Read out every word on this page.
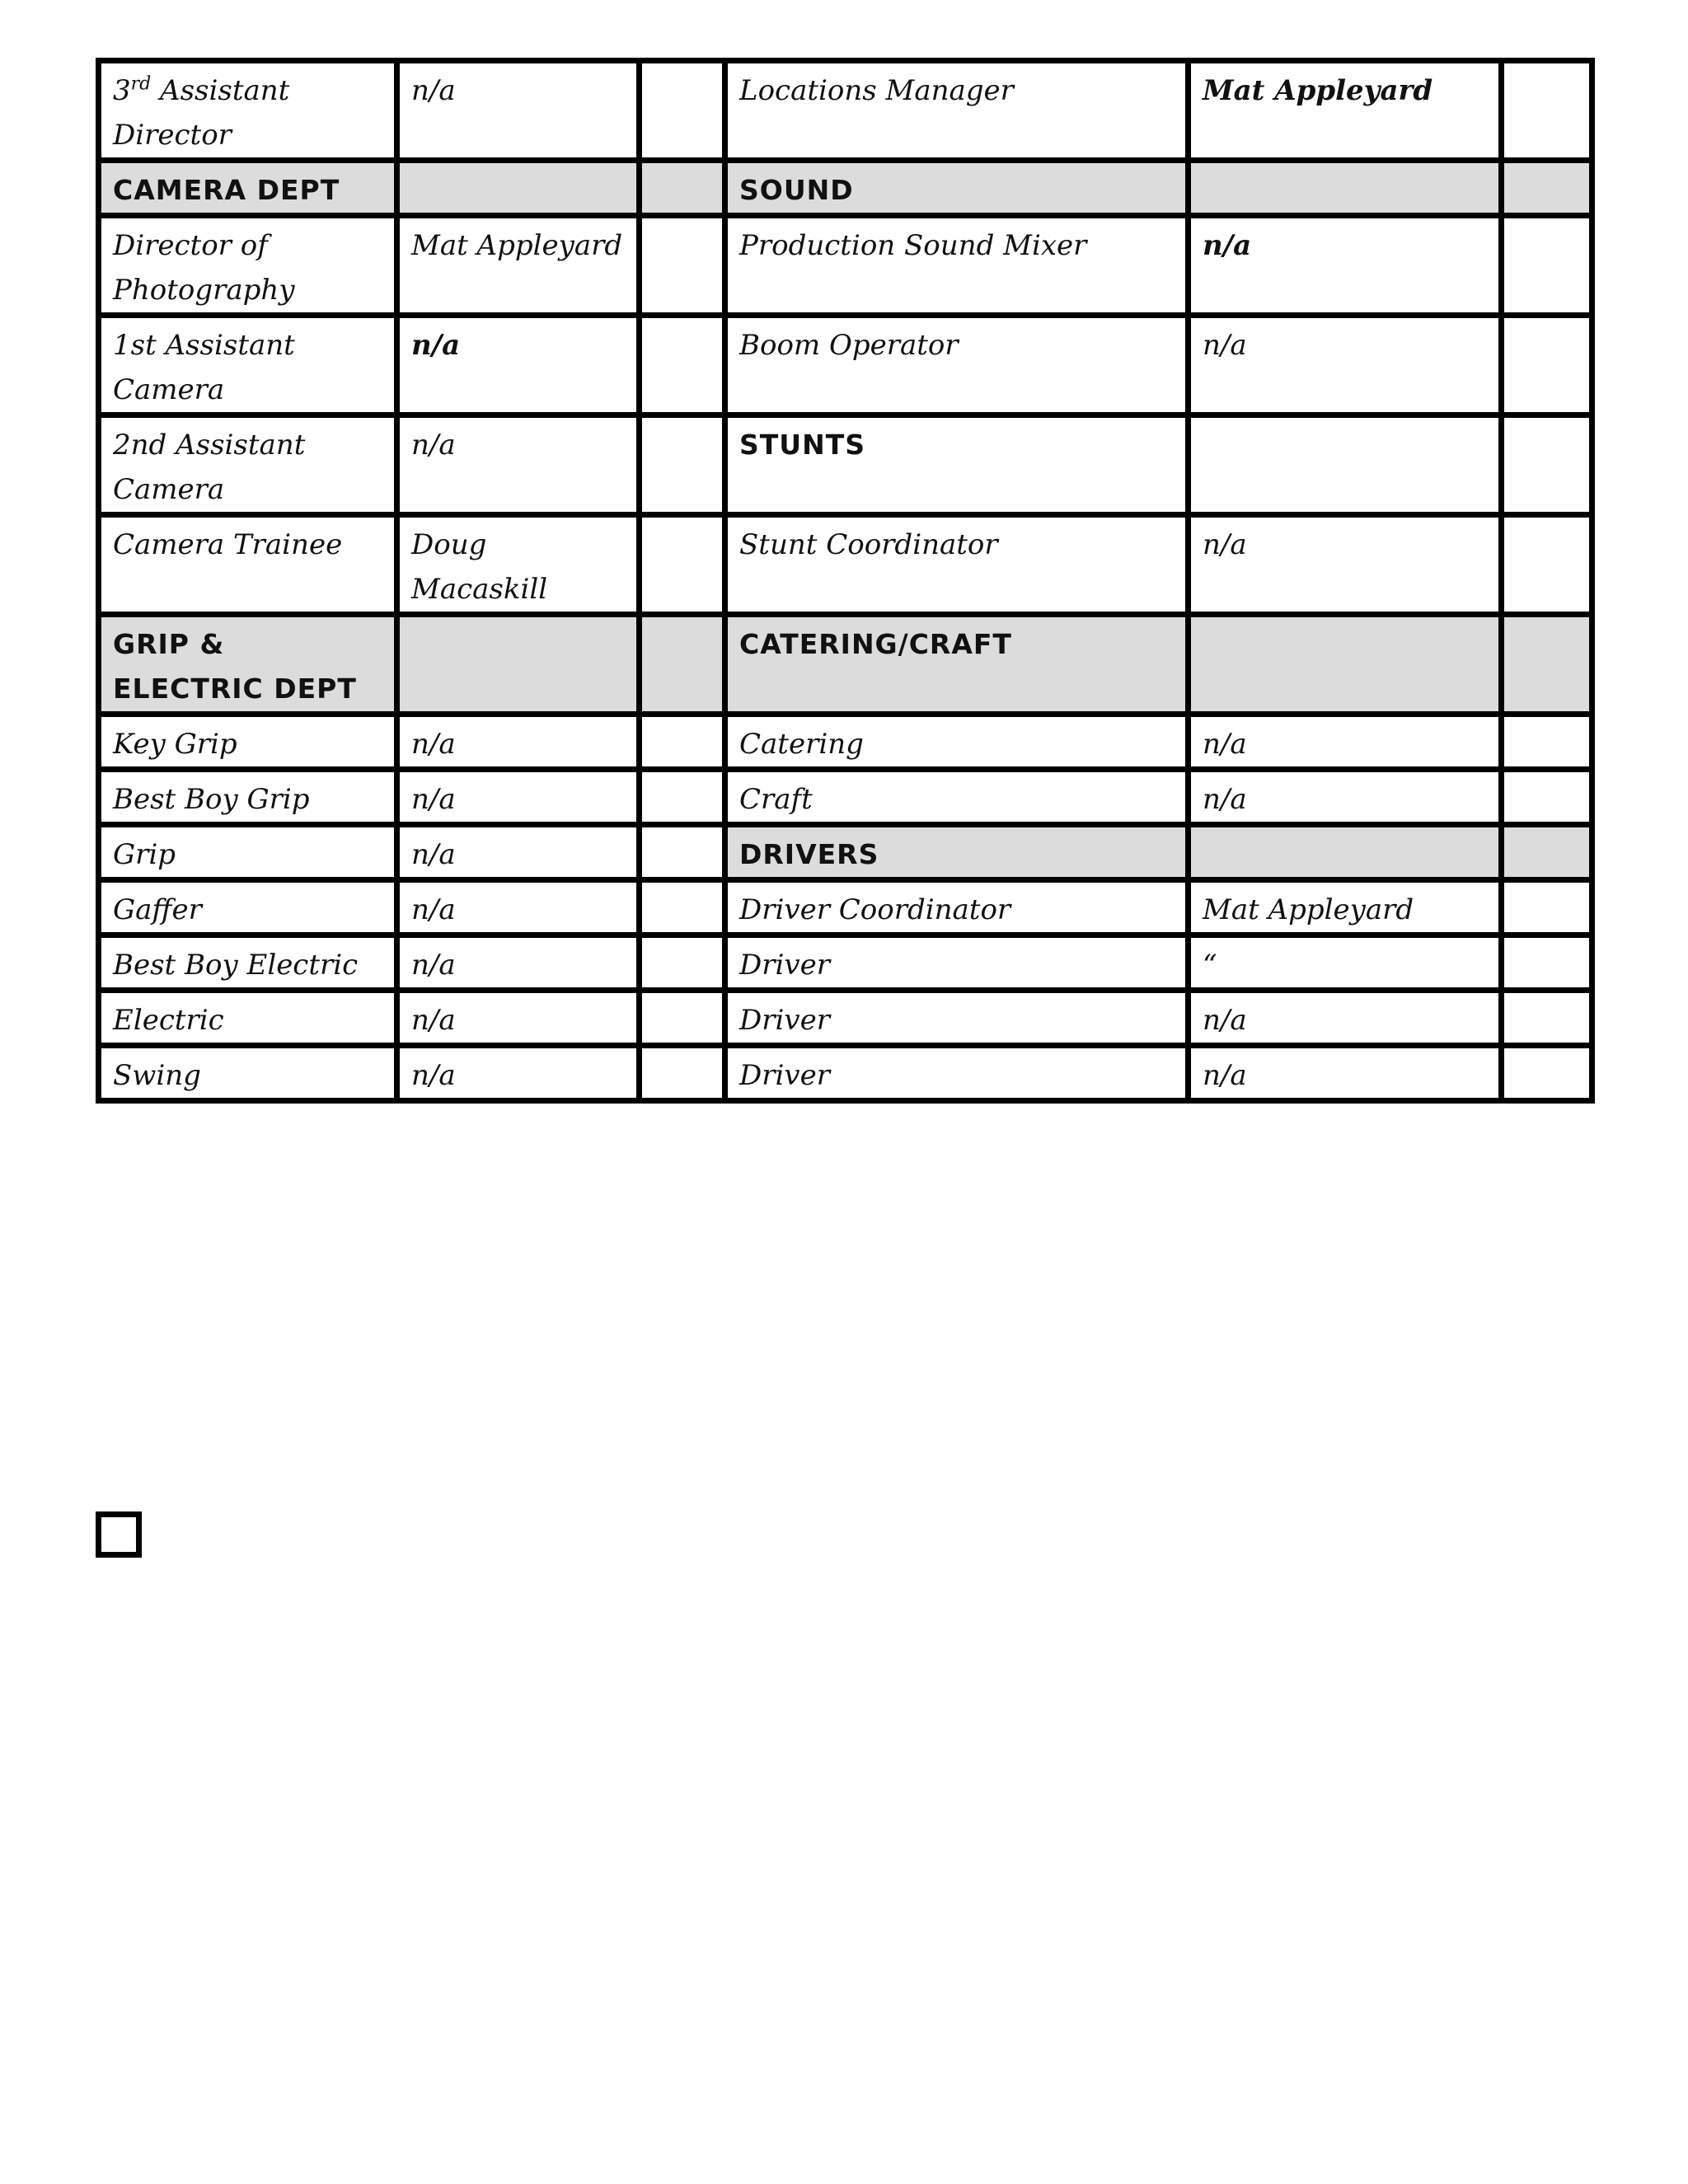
3rd Assistant Director	n/a		Locations Manager	Mat Appleyard	
CAMERA DEPT			SOUND		
Director of Photography	Mat Appleyard		Production Sound Mixer	n/a	
1st Assistant Camera	n/a		Boom Operator	n/a	
2nd Assistant Camera	n/a		STUNTS		
Camera Trainee	Doug Macaskill		Stunt Coordinator	n/a	
GRIP & ELECTRIC DEPT			CATERING/CRAFT		
Key Grip	n/a		Catering	n/a	
Best Boy Grip	n/a		Craft	n/a	
Grip	n/a		DRIVERS		
Gaffer	n/a		Driver Coordinator	Mat Appleyard	
Best Boy Electric	n/a		Driver	“	
Electric	n/a		Driver	n/a	
Swing	n/a		Driver	n/a	
